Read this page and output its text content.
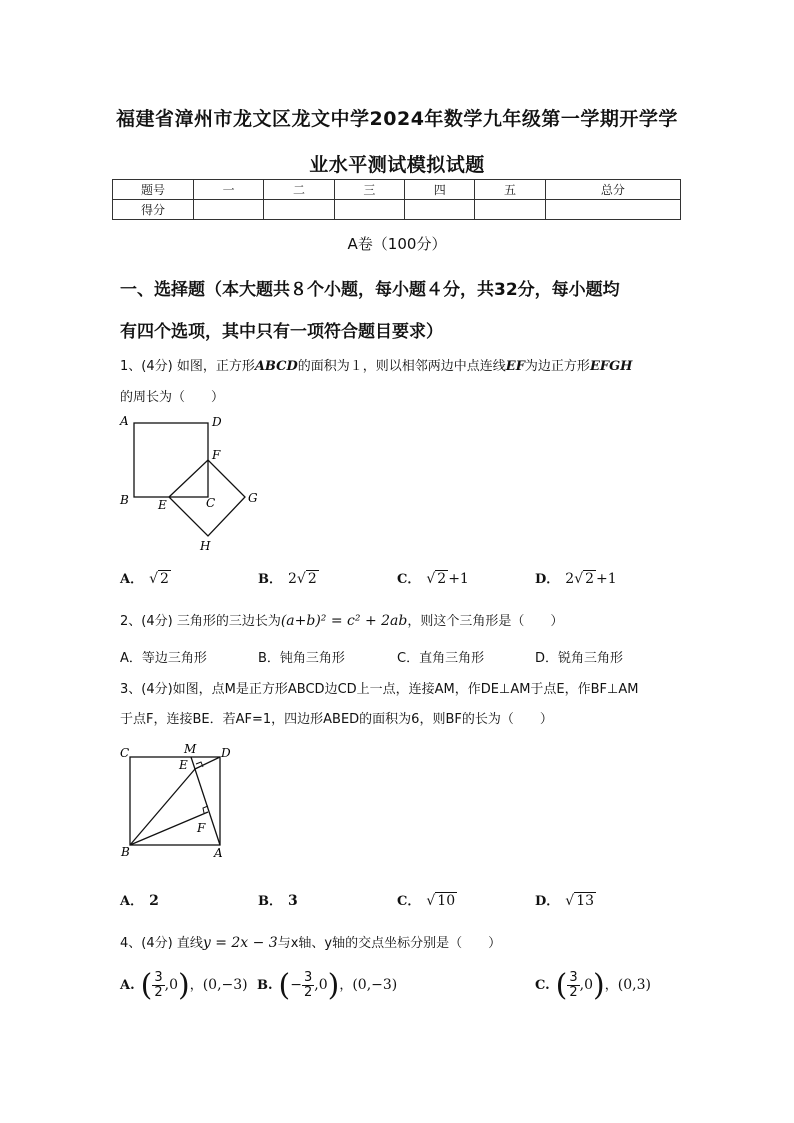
福建省漳州市龙文区龙文中学2024年数学九年级第一学期开学学
业水平测试模拟试题
题号	一	二	三	四	五	总分
得分						
A卷（100分）
一、选择题（本大题共８个小题，每小题４分，共32分，每小题均
有四个选项，其中只有一项符合题目要求）
1、(4分) 如图，正方形ABCD的面积为１，则以相邻两边中点连线EF为边正方形EFGH
的周长为（　　）
A	D
F
B E	C	G
H
A． √ 2	B． 2√ 2	C． √ 2 +1	D． 2√ 2 +1
2、(4分) 三角形的三边长为(a+b)² = c² + 2ab，则这个三角形是（　　）
A．等边三角形	B．钝角三角形	C．直角三角形	D．锐角三角形
3、(4分)如图，点M是正方形ABCD边CD上一点，连接AM，作DE⊥AM于点E，作BF⊥AM
于点F，连接BE．若AF=1，四边形ABED的面积为6，则BF的长为（　　）
C	M D
E
F
B	A
A． 2	B． 3	C． √ 10	D． √ 13
4、(4分) 直线y = 2x − 3与x轴、y轴的交点坐标分别是（　　）
A. ( $\frac{3}{2} ,0$)，(0,−3) B. (− $\frac{3}{2} ,0$)，(0,−3)	C. ( $\frac{3}{2} ,0$)，(0,3)
